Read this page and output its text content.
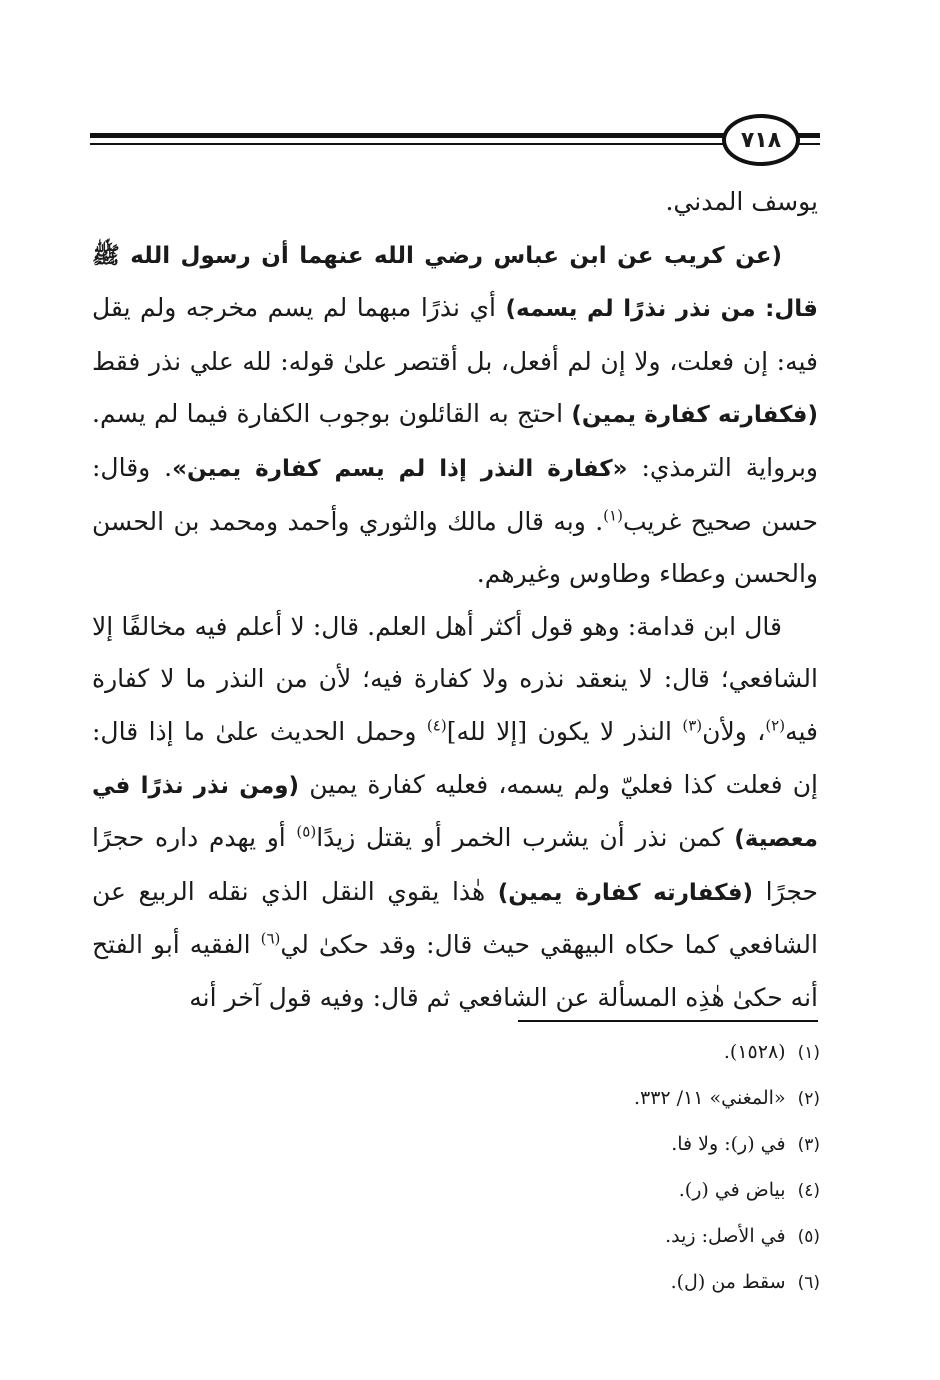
٧١٨

يوسف المدني.

(عن كريب عن ابن عباس رضي الله عنهما أن رسول الله ﷺ قال: من نذر نذرًا لم يسمه) أي نذرًا مبهما لم يسم مخرجه ولم يقل فيه: إن فعلت، ولا إن لم أفعل، بل أقتصر علىٰ قوله: لله علي نذر فقط (فكفارته كفارة يمين) احتج به القائلون بوجوب الكفارة فيما لم يسم. وبرواية الترمذي: «كفارة النذر إذا لم يسم كفارة يمين». وقال: حسن صحيح غريب$^{(١)}$. وبه قال مالك والثوري وأحمد ومحمد بن الحسن والحسن وعطاء وطاوس وغيرهم.

قال ابن قدامة: وهو قول أكثر أهل العلم. قال: لا أعلم فيه مخالفًا إلا الشافعي؛ قال: لا ينعقد نذره ولا كفارة فيه؛ لأن من النذر ما لا كفارة فيه$^{(٢)}$، ولأن$^{(٣)}$ النذر لا يكون [إلا لله]$^{(٤)}$ وحمل الحديث علىٰ ما إذا قال: إن فعلت كذا فعليّ ولم يسمه، فعليه كفارة يمين (ومن نذر نذرًا في معصية) كمن نذر أن يشرب الخمر أو يقتل زيدًا$^{(٥)}$ أو يهدم داره حجرًا حجرًا (فكفارته كفارة يمين) هٰذا يقوي النقل الذي نقله الربيع عن الشافعي كما حكاه البيهقي حيث قال: وقد حكىٰ لي$^{(٦)}$ الفقيه أبو الفتح أنه حكىٰ هٰذِه المسألة عن الشافعي ثم قال: وفيه قول آخر أنه

(١)(١٥٢٨).
(٢)«المغني» ١١/ ٣٣٢.
(٣)في (ر): ولا فا.
(٤)بياض في (ر).
(٥)في الأصل: زيد.
(٦)سقط من (ل).
